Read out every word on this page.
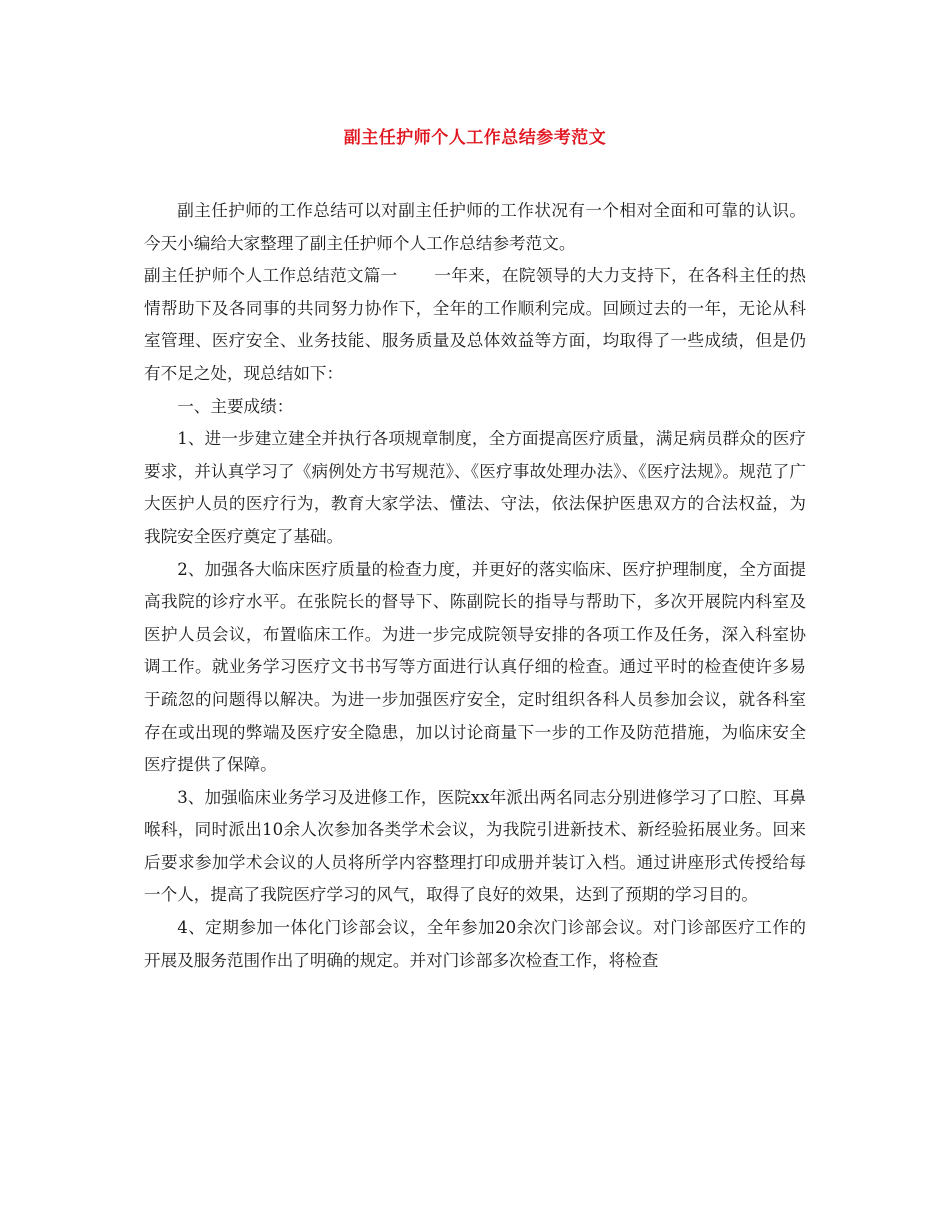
副主任护师个人工作总结参考范文

副主任护师的工作总结可以对副主任护师的工作状况有一个相对全面和可靠的认识。今天小编给大家整理了副主任护师个人工作总结参考范文。

副主任护师个人工作总结范文篇一 一年来，在院领导的大力支持下，在各科主任的热情帮助下及各同事的共同努力协作下，全年的工作顺利完成。回顾过去的一年，无论从科室管理、医疗安全、业务技能、服务质量及总体效益等方面，均取得了一些成绩，但是仍有不足之处，现总结如下：

一、主要成绩：

1、进一步建立建全并执行各项规章制度，全方面提高医疗质量，满足病员群众的医疗要求，并认真学习了《病例处方书写规范》、《医疗事故处理办法》、《医疗法规》。规范了广大医护人员的医疗行为，教育大家学法、懂法、守法，依法保护医患双方的合法权益，为我院安全医疗奠定了基础。

2、加强各大临床医疗质量的检查力度，并更好的落实临床、医疗护理制度，全方面提高我院的诊疗水平。在张院长的督导下、陈副院长的指导与帮助下，多次开展院内科室及医护人员会议，布置临床工作。为进一步完成院领导安排的各项工作及任务，深入科室协调工作。就业务学习医疗文书书写等方面进行认真仔细的检查。通过平时的检查使许多易于疏忽的问题得以解决。为进一步加强医疗安全，定时组织各科人员参加会议，就各科室存在或出现的弊端及医疗安全隐患，加以讨论商量下一步的工作及防范措施，为临床安全医疗提供了保障。

3、加强临床业务学习及进修工作，医院xx年派出两名同志分别进修学习了口腔、耳鼻喉科，同时派出10余人次参加各类学术会议，为我院引进新技术、新经验拓展业务。回来后要求参加学术会议的人员将所学内容整理打印成册并装订入档。通过讲座形式传授给每一个人，提高了我院医疗学习的风气，取得了良好的效果，达到了预期的学习目的。

4、定期参加一体化门诊部会议，全年参加20余次门诊部会议。对门诊部医疗工作的开展及服务范围作出了明确的规定。并对门诊部多次检查工作，将检查
